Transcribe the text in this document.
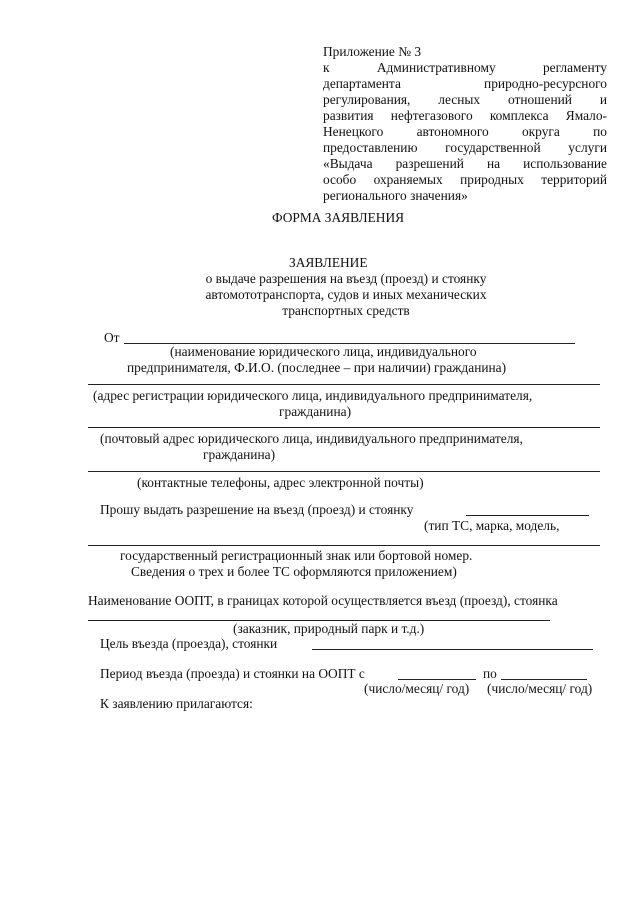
Приложение № 3
к Административному регламенту
департамента природно-ресурсного
регулирования, лесных отношений и
развития нефтегазового комплекса Ямало-
Ненецкого автономного округа по
предоставлению государственной услуги
«Выдача разрешений на использование
особо охраняемых природных территорий
регионального значения»
ФОРМА ЗАЯВЛЕНИЯ
ЗАЯВЛЕНИЕ
о выдаче разрешения на въезд (проезд) и стоянку
автомототранспорта, судов и иных механических
транспортных средств
От
(наименование юридического лица, индивидуального
предпринимателя, Ф.И.О. (последнее – при наличии) гражданина)
(адрес регистрации юридического лица, индивидуального предпринимателя,
гражданина)
(почтовый адрес юридического лица, индивидуального предпринимателя,
гражданина)
(контактные телефоны, адрес электронной почты)
Прошу выдать разрешение на въезд (проезд) и стоянку
(тип ТС, марка, модель,
государственный регистрационный знак или бортовой номер.
Сведения о трех и более ТС оформляются приложением)
Наименование ООПТ, в границах которой осуществляется въезд (проезд), стоянка
(заказник, природный парк и т.д.)
Цель въезда (проезда), стоянки
Период въезда (проезда) и стоянки на ООПТ с	по
(число/месяц/ год) (число/месяц/ год)
К заявлению прилагаются:
